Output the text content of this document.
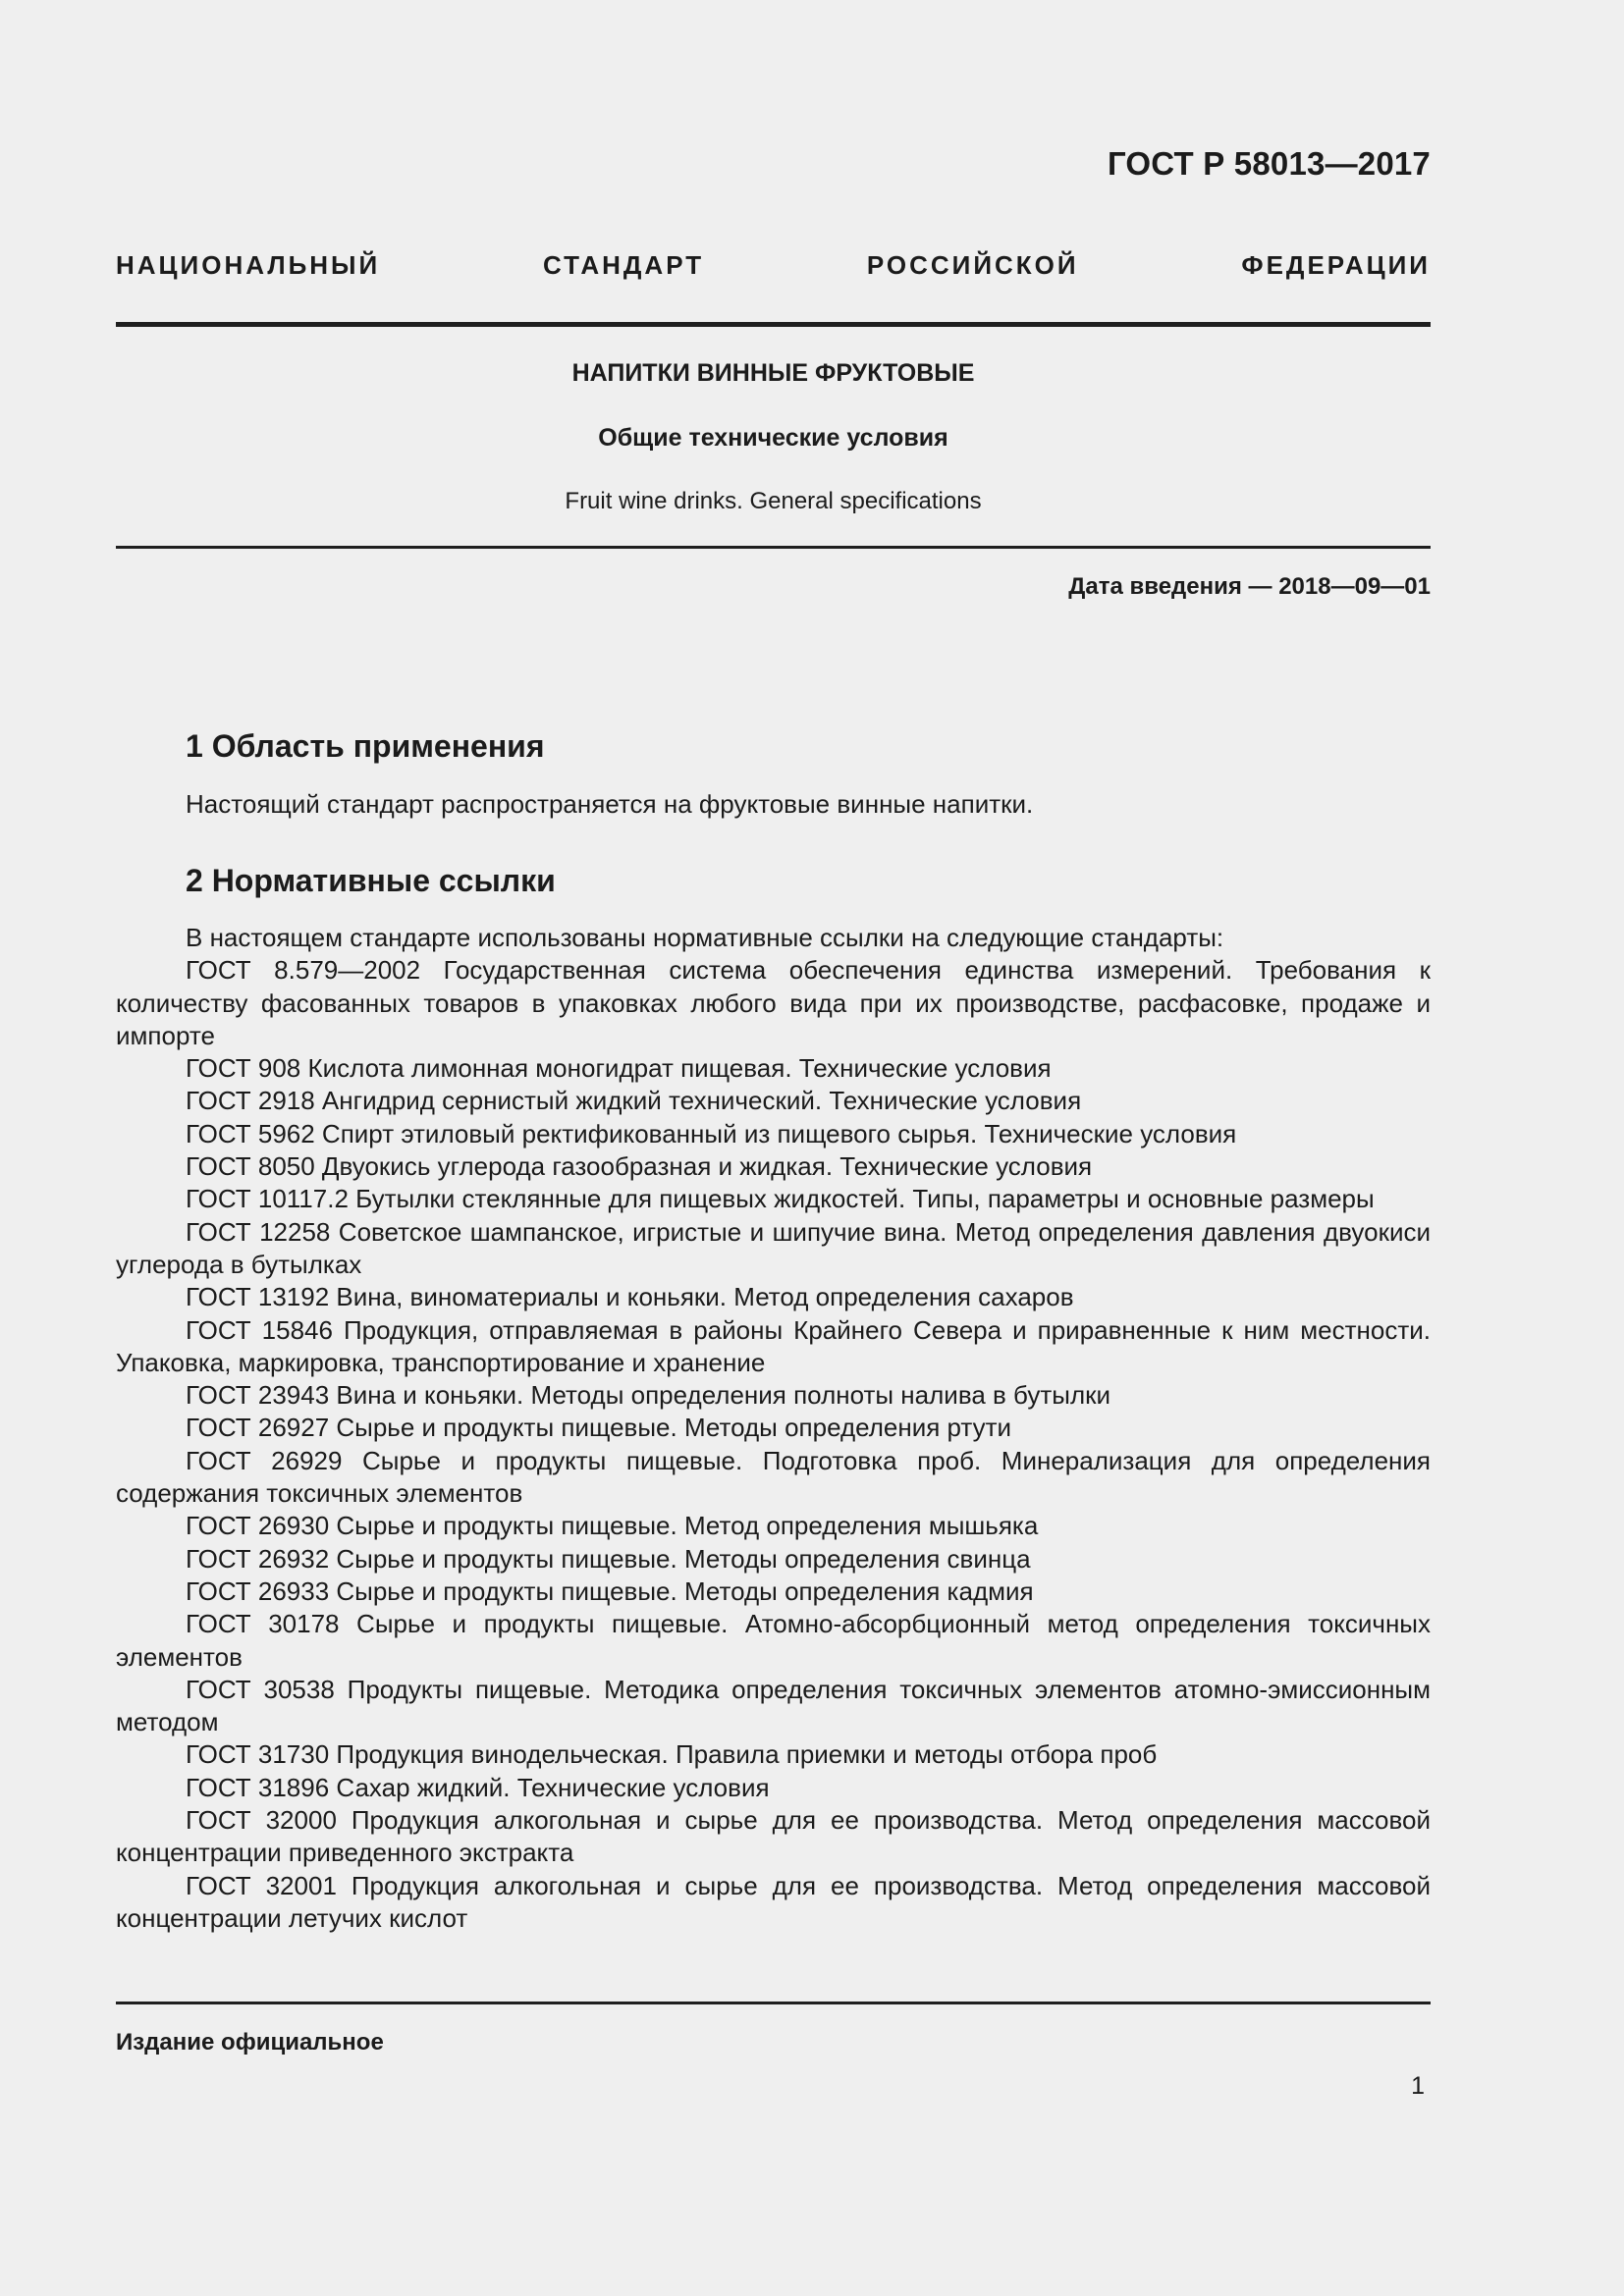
ГОСТ Р 58013—2017
НАЦИОНАЛЬНЫЙ СТАНДАРТ РОССИЙСКОЙ ФЕДЕРАЦИИ
НАПИТКИ ВИННЫЕ ФРУКТОВЫЕ
Общие технические условия
Fruit wine drinks. General specifications
Дата введения — 2018—09—01
1 Область применения
Настоящий стандарт распространяется на фруктовые винные напитки.
2 Нормативные ссылки

В настоящем стандарте использованы нормативные ссылки на следующие стандарты:

ГОСТ 8.579—2002 Государственная система обеспечения единства измерений. Требования к количеству фасованных товаров в упаковках любого вида при их производстве, расфасовке, продаже и импорте

ГОСТ 908 Кислота лимонная моногидрат пищевая. Технические условия

ГОСТ 2918 Ангидрид сернистый жидкий технический. Технические условия

ГОСТ 5962 Спирт этиловый ректификованный из пищевого сырья. Технические условия

ГОСТ 8050 Двуокись углерода газообразная и жидкая. Технические условия

ГОСТ 10117.2 Бутылки стеклянные для пищевых жидкостей. Типы, параметры и основные размеры

ГОСТ 12258 Советское шампанское, игристые и шипучие вина. Метод определения давления двуокиси углерода в бутылках

ГОСТ 13192 Вина, виноматериалы и коньяки. Метод определения сахаров

ГОСТ 15846 Продукция, отправляемая в районы Крайнего Севера и приравненные к ним местности. Упаковка, маркировка, транспортирование и хранение

ГОСТ 23943 Вина и коньяки. Методы определения полноты налива в бутылки

ГОСТ 26927 Сырье и продукты пищевые. Методы определения ртути

ГОСТ 26929 Сырье и продукты пищевые. Подготовка проб. Минерализация для определения содержания токсичных элементов

ГОСТ 26930 Сырье и продукты пищевые. Метод определения мышьяка

ГОСТ 26932 Сырье и продукты пищевые. Методы определения свинца

ГОСТ 26933 Сырье и продукты пищевые. Методы определения кадмия

ГОСТ 30178 Сырье и продукты пищевые. Атомно-абсорбционный метод определения токсичных элементов

ГОСТ 30538 Продукты пищевые. Методика определения токсичных элементов атомно-эмиссионным методом

ГОСТ 31730 Продукция винодельческая. Правила приемки и методы отбора проб

ГОСТ 31896 Сахар жидкий. Технические условия

ГОСТ 32000 Продукция алкогольная и сырье для ее производства. Метод определения массовой концентрации приведенного экстракта

ГОСТ 32001 Продукция алкогольная и сырье для ее производства. Метод определения массовой концентрации летучих кислот

Издание официальное
1
